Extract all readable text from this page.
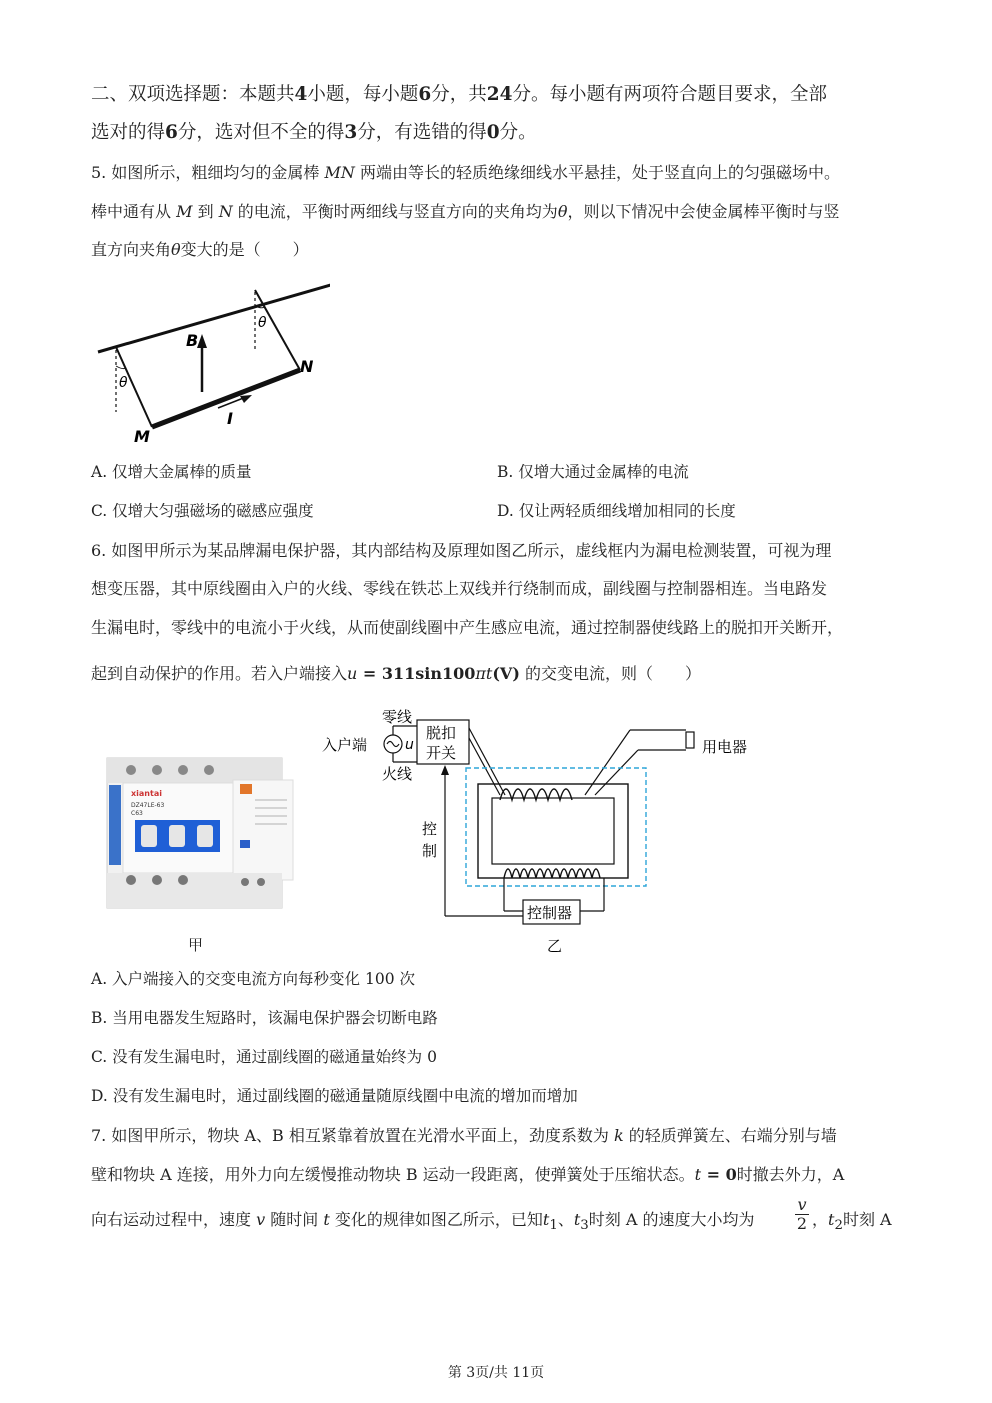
二、双项选择题：本题共4小题，每小题6分，共24分。每小题有两项符合题目要求，全部
选对的得6分，选对但不全的得3分，有选错的得0分。
5. 如图所示，粗细均匀的金属棒 MN 两端由等长的轻质绝缘细线水平悬挂，处于竖直向上的匀强磁场中。
棒中通有从 M 到 N 的电流，平衡时两细线与竖直方向的夹角均为θ，则以下情况中会使金属棒平衡时与竖
直方向夹角θ变大的是（　　）
B
M
N
I
θ
θ
A. 仅增大金属棒的质量	B. 仅增大通过金属棒的电流
C. 仅增大匀强磁场的磁感应强度	D. 仅让两轻质细线增加相同的长度
6. 如图甲所示为某品牌漏电保护器，其内部结构及原理如图乙所示，虚线框内为漏电检测装置，可视为理
想变压器，其中原线圈由入户的火线、零线在铁芯上双线并行绕制而成，副线圈与控制器相连。当电路发
生漏电时，零线中的电流小于火线，从而使副线圈中产生感应电流，通过控制器使线路上的脱扣开关断开，
起到自动保护的作用。若入户端接入u = 311sin100πt(V) 的交变电流，则（　　）
xiantai
DZ47LE-63
C63
甲
零线
入户端	u
火线
脱扣
开关	用电器
控制器
控
制
乙
A. 入户端接入的交变电流方向每秒变化 100 次
B. 当用电器发生短路时，该漏电保护器会切断电路
C. 没有发生漏电时，通过副线圈的磁通量始终为 0
D. 没有发生漏电时，通过副线圈的磁通量随原线圈中电流的增加而增加
7. 如图甲所示，物块 A、B 相互紧靠着放置在光滑水平面上，劲度系数为 k 的轻质弹簧左、右端分别与墙
壁和物块 A 连接，用外力向左缓慢推动物块 B 运动一段距离，使弹簧处于压缩状态。t = 0时撤去外力，A
向右运动过程中，速度 v 随时间 t 变化的规律如图乙所示，已知$t_1$、$t_3$时刻 A 的速度大小均为	$\frac{v}{2}$ ，$t_2$时刻 A
第 3页/共 11页
